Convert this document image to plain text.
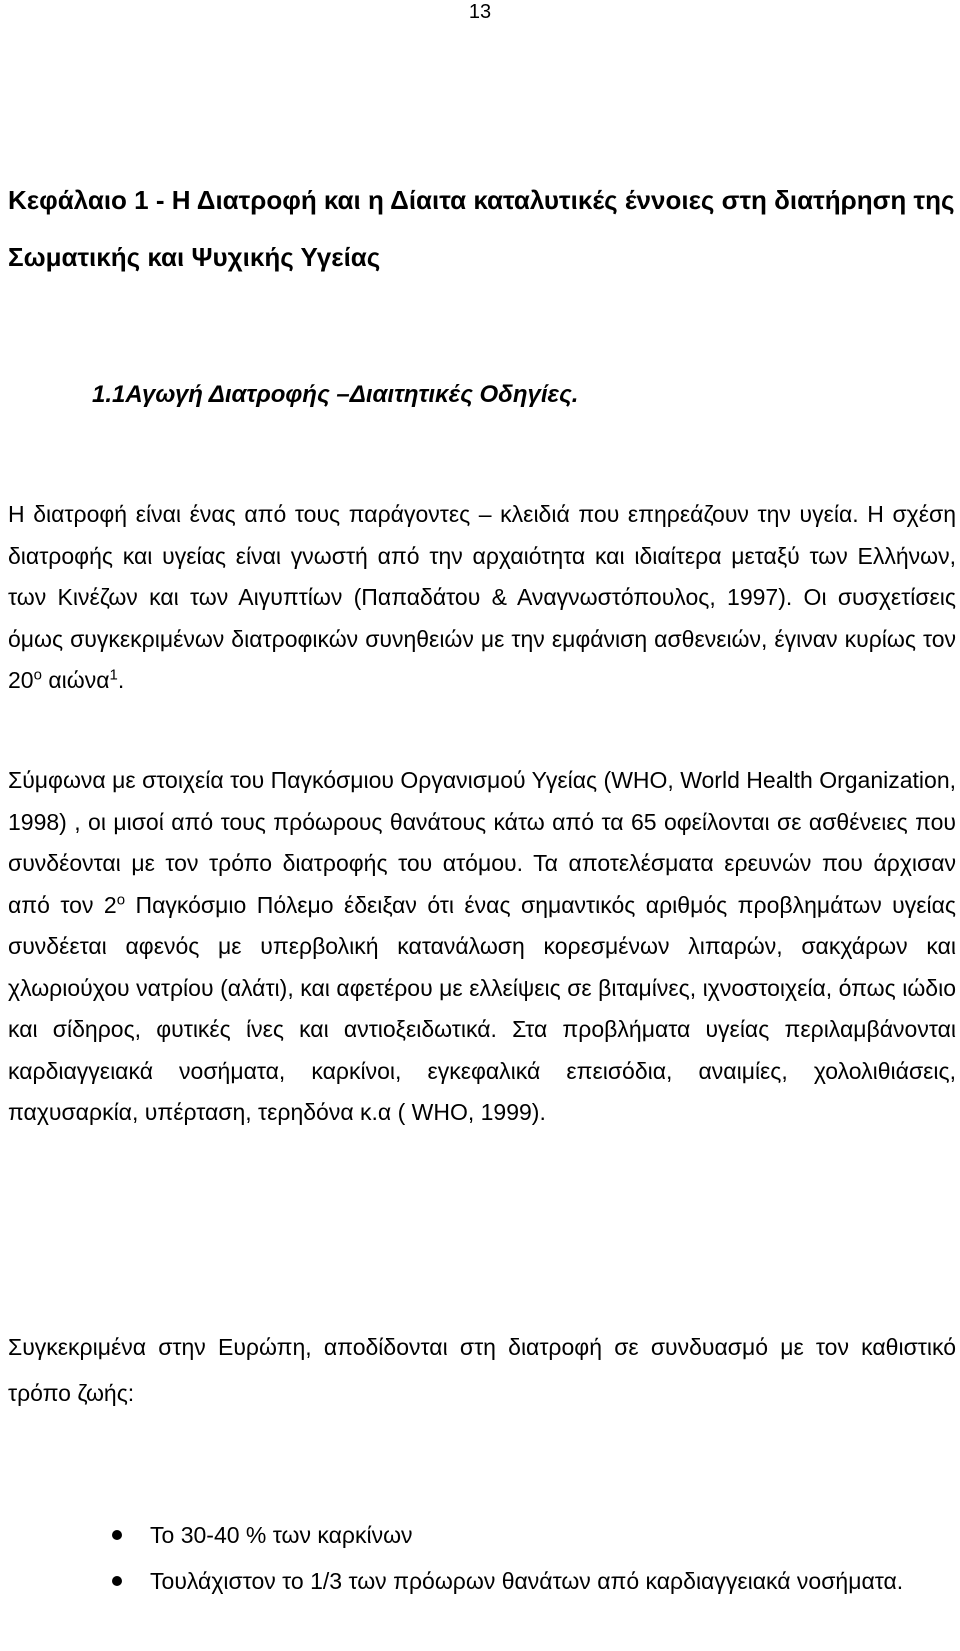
13
Κεφάλαιο 1 - Η Διατροφή και η Δίαιτα καταλυτικές έννοιες στη διατήρηση της Σωματικής και Ψυχικής Υγείας
1.1Αγωγή Διατροφής –Διαιτητικές Οδηγίες.

Η διατροφή είναι ένας από τους παράγοντες – κλειδιά που επηρεάζουν την υγεία. Η σχέση διατροφής και υγείας είναι γνωστή από την αρχαιότητα και ιδιαίτερα μεταξύ των Ελλήνων, των Κινέζων και των Αιγυπτίων (Παπαδάτου & Αναγνωστόπουλος, 1997). Οι συσχετίσεις όμως συγκεκριμένων διατροφικών συνηθειών με την εμφάνιση ασθενειών, έγιναν κυρίως τον $20^o$ αιώνα$^1$.

Σύμφωνα με στοιχεία του Παγκόσμιου Οργανισμού Υγείας (WHO, World Health Organization, 1998) , οι μισοί από τους πρόωρους θανάτους κάτω από τα 65 οφείλονται σε ασθένειες που συνδέονται με τον τρόπο διατροφής του ατόμου. Τα αποτελέσματα ερευνών που άρχισαν από τον $2^o$ Παγκόσμιο Πόλεμο έδειξαν ότι ένας σημαντικός αριθμός προβλημάτων υγείας συνδέεται αφενός με υπερβολική κατανάλωση κορεσμένων λιπαρών, σακχάρων και χλωριούχου νατρίου (αλάτι), και αφετέρου με ελλείψεις σε βιταμίνες, ιχνοστοιχεία, όπως ιώδιο και σίδηρος, φυτικές ίνες και αντιοξειδωτικά. Στα προβλήματα υγείας περιλαμβάνονται καρδιαγγειακά νοσήματα, καρκίνοι, εγκεφαλικά επεισόδια, αναιμίες, χολολιθιάσεις, παχυσαρκία, υπέρταση, τερηδόνα κ.α ( WHO, 1999).

Συγκεκριμένα στην Ευρώπη, αποδίδονται στη διατροφή σε συνδυασμό με τον καθιστικό τρόπο ζωής:

Το 30-40 % των καρκίνων
Τουλάχιστον το 1/3 των πρόωρων θανάτων από καρδιαγγειακά νοσήματα.
